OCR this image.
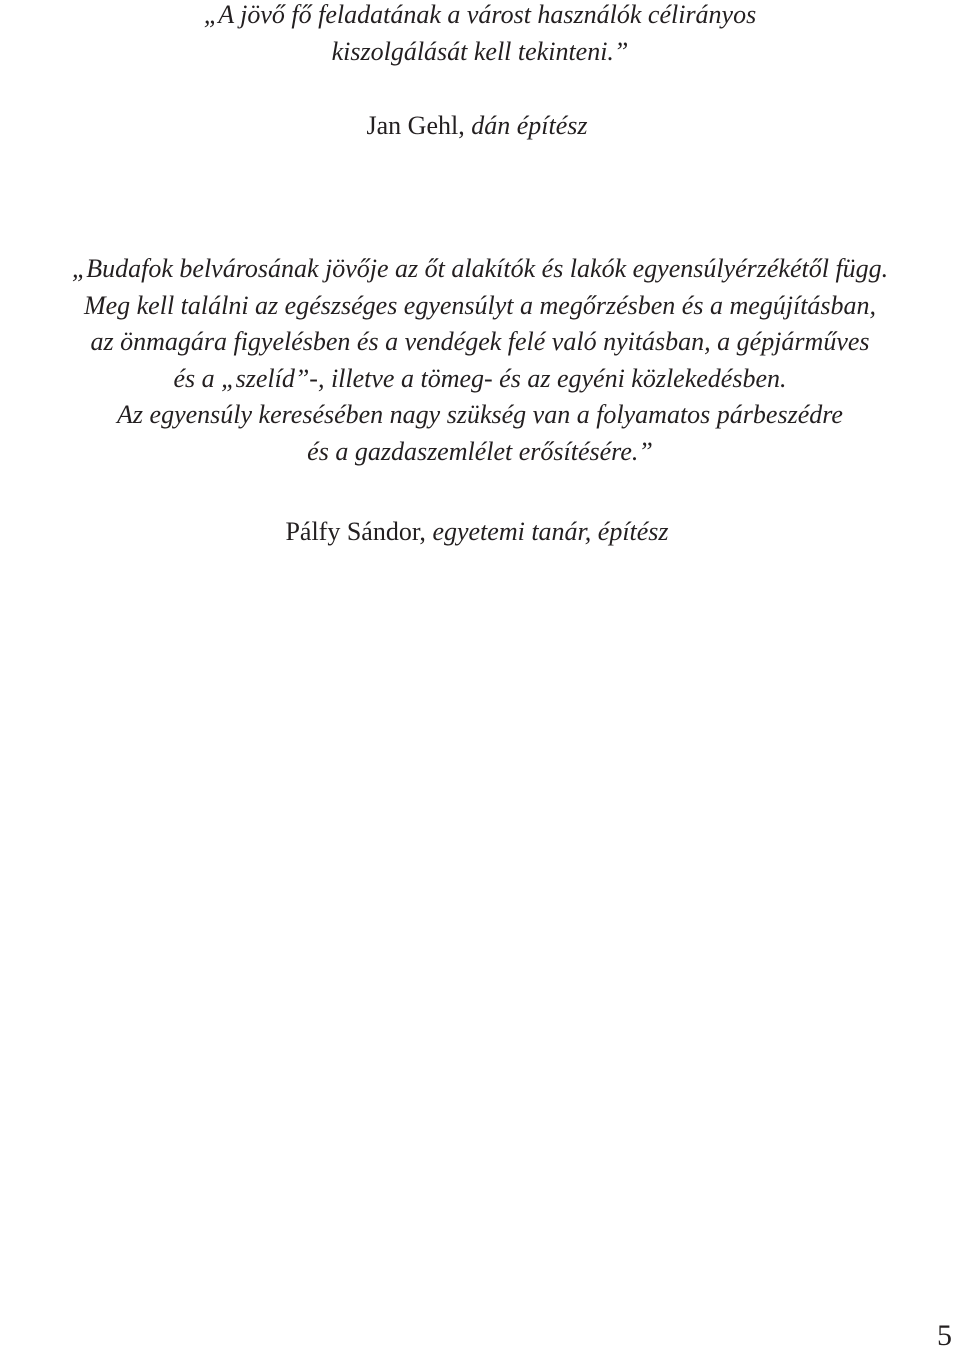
„A jövő fő feladatának a várost használók célirányos
kiszolgálását kell tekinteni.”
Jan Gehl, dán építész
„Budafok belvárosának jövője az őt alakítók és lakók egyensúlyérzékétől függ.
Meg kell találni az egészséges egyensúlyt a megőrzésben és a megújításban,
az önmagára figyelésben és a vendégek felé való nyitásban, a gépjárműves
és a „szelíd”-, illetve a tömeg- és az egyéni közlekedésben.
Az egyensúly keresésében nagy szükség van a folyamatos párbeszédre
és a gazdaszemlélet erősítésére.”
Pálfy Sándor, egyetemi tanár, építész
5
